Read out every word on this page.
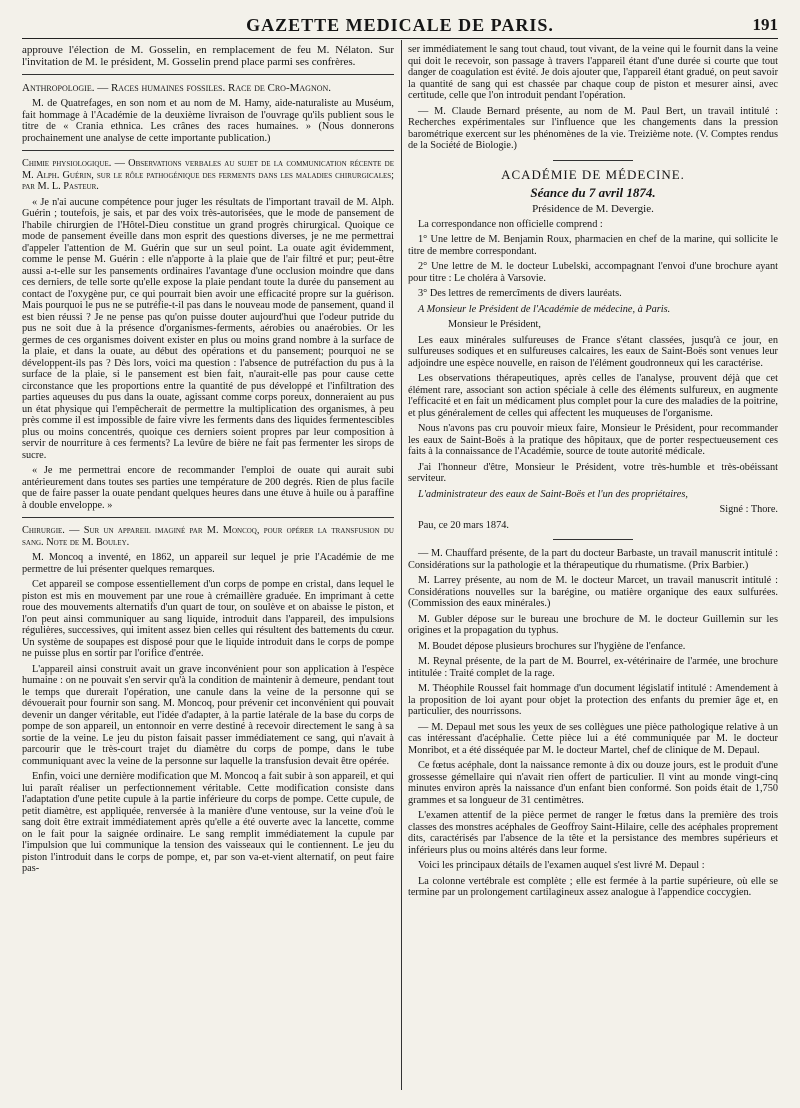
GAZETTE MEDICALE DE PARIS.	191

approuve l'élection de M. Gosselin, en remplacement de feu M. Nélaton. Sur l'invitation de M. le président, M. Gosselin prend place parmi ses confrères.

Anthropologie. — Races humaines fossiles. Race de Cro-Magnon.

M. de Quatrefages, en son nom et au nom de M. Hamy, aide-naturaliste au Muséum, fait hommage à l'Académie de la deuxième livraison de l'ouvrage qu'ils publient sous le titre de « Crania ethnica. Les crânes des races humaines. » (Nous donnerons prochainement une analyse de cette importante publication.)

Chimie physiologique. — Observations verbales au sujet de la communication récente de M. Alph. Guérin, sur le rôle pathogénique des ferments dans les maladies chirurgicales; par M. L. Pasteur.

« Je n'ai aucune compétence pour juger les résultats de l'important travail de M. Alph. Guérin ; toutefois, je sais, et par des voix très-autorisées, que le mode de pansement de l'habile chirurgien de l'Hôtel-Dieu constitue un grand progrès chirurgical. Quoique ce mode de pansement éveille dans mon esprit des questions diverses, je ne me permettrai d'appeler l'attention de M. Guérin que sur un seul point. La ouate agit évidemment, comme le pense M. Guérin : elle n'apporte à la plaie que de l'air filtré et pur; peut-être aussi a-t-elle sur les pansements ordinaires l'avantage d'une occlusion moindre que dans ces derniers, de telle sorte qu'elle expose la plaie pendant toute la durée du pansement au contact de l'oxygène pur, ce qui pourrait bien avoir une efficacité propre sur la guérison. Mais pourquoi le pus ne se putréfie-t-il pas dans le nouveau mode de pansement, quand il est bien réussi ? Je ne pense pas qu'on puisse douter aujourd'hui que l'odeur putride du pus ne soit due à la présence d'organismes-ferments, aérobies ou anaérobies. Or les germes de ces organismes doivent exister en plus ou moins grand nombre à la surface de la plaie, et dans la ouate, au début des opérations et du pansement; pourquoi ne se développent-ils pas ? Dès lors, voici ma question : l'absence de putréfaction du pus à la surface de la plaie, si le pansement est bien fait, n'aurait-elle pas pour cause cette circonstance que les proportions entre la quantité de pus développé et l'infiltration des parties aqueuses du pus dans la ouate, agissant comme corps poreux, donneraient au pus un état physique qui l'empêcherait de permettre la multiplication des organismes, à peu près comme il est impossible de faire vivre les ferments dans des liquides fermentescibles plus ou moins concentrés, quoique ces derniers soient propres par leur composition à servir de nourriture à ces ferments? La levûre de bière ne fait pas fermenter les sirops de sucre.

« Je me permettrai encore de recommander l'emploi de ouate qui aurait subi antérieurement dans toutes ses parties une température de 200 degrés. Rien de plus facile que de faire passer la ouate pendant quelques heures dans une étuve à huile ou à paraffine à double enveloppe. »

Chirurgie. — Sur un appareil imaginé par M. Moncoq, pour opérer la transfusion du sang. Note de M. Bouley.

M. Moncoq a inventé, en 1862, un appareil sur lequel je prie l'Académie de me permettre de lui présenter quelques remarques.

Cet appareil se compose essentiellement d'un corps de pompe en cristal, dans lequel le piston est mis en mouvement par une roue à crémaillère graduée. En imprimant à cette roue des mouvements alternatifs d'un quart de tour, on soulève et on abaisse le piston, et l'on peut ainsi communiquer au sang liquide, introduit dans l'appareil, des impulsions régulières, successives, qui imitent assez bien celles qui résultent des battements du cœur. Un système de soupapes est disposé pour que le liquide introduit dans le corps de pompe ne puisse plus en sortir par l'orifice d'entrée.

L'appareil ainsi construit avait un grave inconvénient pour son application à l'espèce humaine : on ne pouvait s'en servir qu'à la condition de maintenir à demeure, pendant tout le temps que durerait l'opération, une canule dans la veine de la personne qui se dévouerait pour fournir son sang. M. Moncoq, pour prévenir cet inconvénient qui pouvait devenir un danger véritable, eut l'idée d'adapter, à la partie latérale de la base du corps de pompe de son appareil, un entonnoir en verre destiné à recevoir directement le sang à sa sortie de la veine. Le jeu du piston faisait passer immédiatement ce sang, qui n'avait à parcourir que le très-court trajet du diamètre du corps de pompe, dans le tube communiquant avec la veine de la personne sur laquelle la transfusion devait être opérée.

Enfin, voici une dernière modification que M. Moncoq a fait subir à son appareil, et qui lui paraît réaliser un perfectionnement véritable. Cette modification consiste dans l'adaptation d'une petite cupule à la partie inférieure du corps de pompe. Cette cupule, de petit diamètre, est appliquée, renversée à la manière d'une ventouse, sur la veine d'où le sang doit être extrait immédiatement après qu'elle a été ouverte avec la lancette, comme on le fait pour la saignée ordinaire. Le sang remplit immédiatement la cupule par l'impulsion que lui communique la tension des vaisseaux qui le contiennent. Le jeu du piston l'introduit dans le corps de pompe, et, par son va-et-vient alternatif, on peut faire pas-

ser immédiatement le sang tout chaud, tout vivant, de la veine qui le fournit dans la veine qui doit le recevoir, son passage à travers l'appareil étant d'une durée si courte que tout danger de coagulation est évité. Je dois ajouter que, l'appareil étant gradué, on peut savoir la quantité de sang qui est chassée par chaque coup de piston et mesurer ainsi, avec certitude, celle que l'on introduit pendant l'opération.

— M. Claude Bernard présente, au nom de M. Paul Bert, un travail intitulé : Recherches expérimentales sur l'influence que les changements dans la pression barométrique exercent sur les phénomènes de la vie. Treizième note. (V. Comptes rendus de la Société de Biologie.)

ACADÉMIE DE MÉDECINE.
Séance du 7 avril 1874.

Présidence de M. Devergie.

La correspondance non officielle comprend :

1° Une lettre de M. Benjamin Roux, pharmacien en chef de la marine, qui sollicite le titre de membre correspondant.

2° Une lettre de M. le docteur Lubelski, accompagnant l'envoi d'une brochure ayant pour titre : Le choléra à Varsovie.

3° Des lettres de remercîments de divers lauréats.

A Monsieur le Président de l'Académie de médecine, à Paris.

Monsieur le Président,

Les eaux minérales sulfureuses de France s'étant classées, jusqu'à ce jour, en sulfureuses sodiques et en sulfureuses calcaires, les eaux de Saint-Boës sont venues leur adjoindre une espèce nouvelle, en raison de l'élément goudronneux qui les caractérise.

Les observations thérapeutiques, après celles de l'analyse, prouvent déjà que cet élément rare, associant son action spéciale à celle des éléments sulfureux, en augmente l'efficacité et en fait un médicament plus complet pour la cure des maladies de la poitrine, et plus généralement de celles qui affectent les muqueuses de l'organisme.

Nous n'avons pas cru pouvoir mieux faire, Monsieur le Président, pour recommander les eaux de Saint-Boës à la pratique des hôpitaux, que de porter respectueusement ces faits à la connaissance de l'Académie, source de toute autorité médicale.

J'ai l'honneur d'être, Monsieur le Président, votre très-humble et très-obéissant serviteur.

L'administrateur des eaux de Saint-Boës et l'un des propriétaires,

Signé : Thore.

Pau, ce 20 mars 1874.

— M. Chauffard présente, de la part du docteur Barbaste, un travail manuscrit intitulé : Considérations sur la pathologie et la thérapeutique du rhumatisme. (Prix Barbier.)

M. Larrey présente, au nom de M. le docteur Marcet, un travail manuscrit intitulé : Considérations nouvelles sur la barégine, ou matière organique des eaux sulfurées. (Commission des eaux minérales.)

M. Gubler dépose sur le bureau une brochure de M. le docteur Guillemin sur les origines et la propagation du typhus.

M. Boudet dépose plusieurs brochures sur l'hygiène de l'enfance.

M. Reynal présente, de la part de M. Bourrel, ex-vétérinaire de l'armée, une brochure intitulée : Traité complet de la rage.

M. Théophile Roussel fait hommage d'un document législatif intitulé : Amendement à la proposition de loi ayant pour objet la protection des enfants du premier âge et, en particulier, des nourrissons.

— M. Depaul met sous les yeux de ses collègues une pièce pathologique relative à un cas intéressant d'acéphalie. Cette pièce lui a été communiquée par M. le docteur Monribot, et a été disséquée par M. le docteur Martel, chef de clinique de M. Depaul.

Ce fœtus acéphale, dont la naissance remonte à dix ou douze jours, est le produit d'une grossesse gémellaire qui n'avait rien offert de particulier. Il vint au monde vingt-cinq minutes environ après la naissance d'un enfant bien conformé. Son poids était de 1,750 grammes et sa longueur de 31 centimètres.

L'examen attentif de la pièce permet de ranger le fœtus dans la première des trois classes des monstres acéphales de Geoffroy Saint-Hilaire, celle des acéphales proprement dits, caractérisés par l'absence de la tête et la persistance des membres supérieurs et inférieurs plus ou moins altérés dans leur forme.

Voici les principaux détails de l'examen auquel s'est livré M. Depaul :

La colonne vertébrale est complète ; elle est fermée à la partie supérieure, où elle se termine par un prolongement cartilagineux assez analogue à l'appendice coccygien.
